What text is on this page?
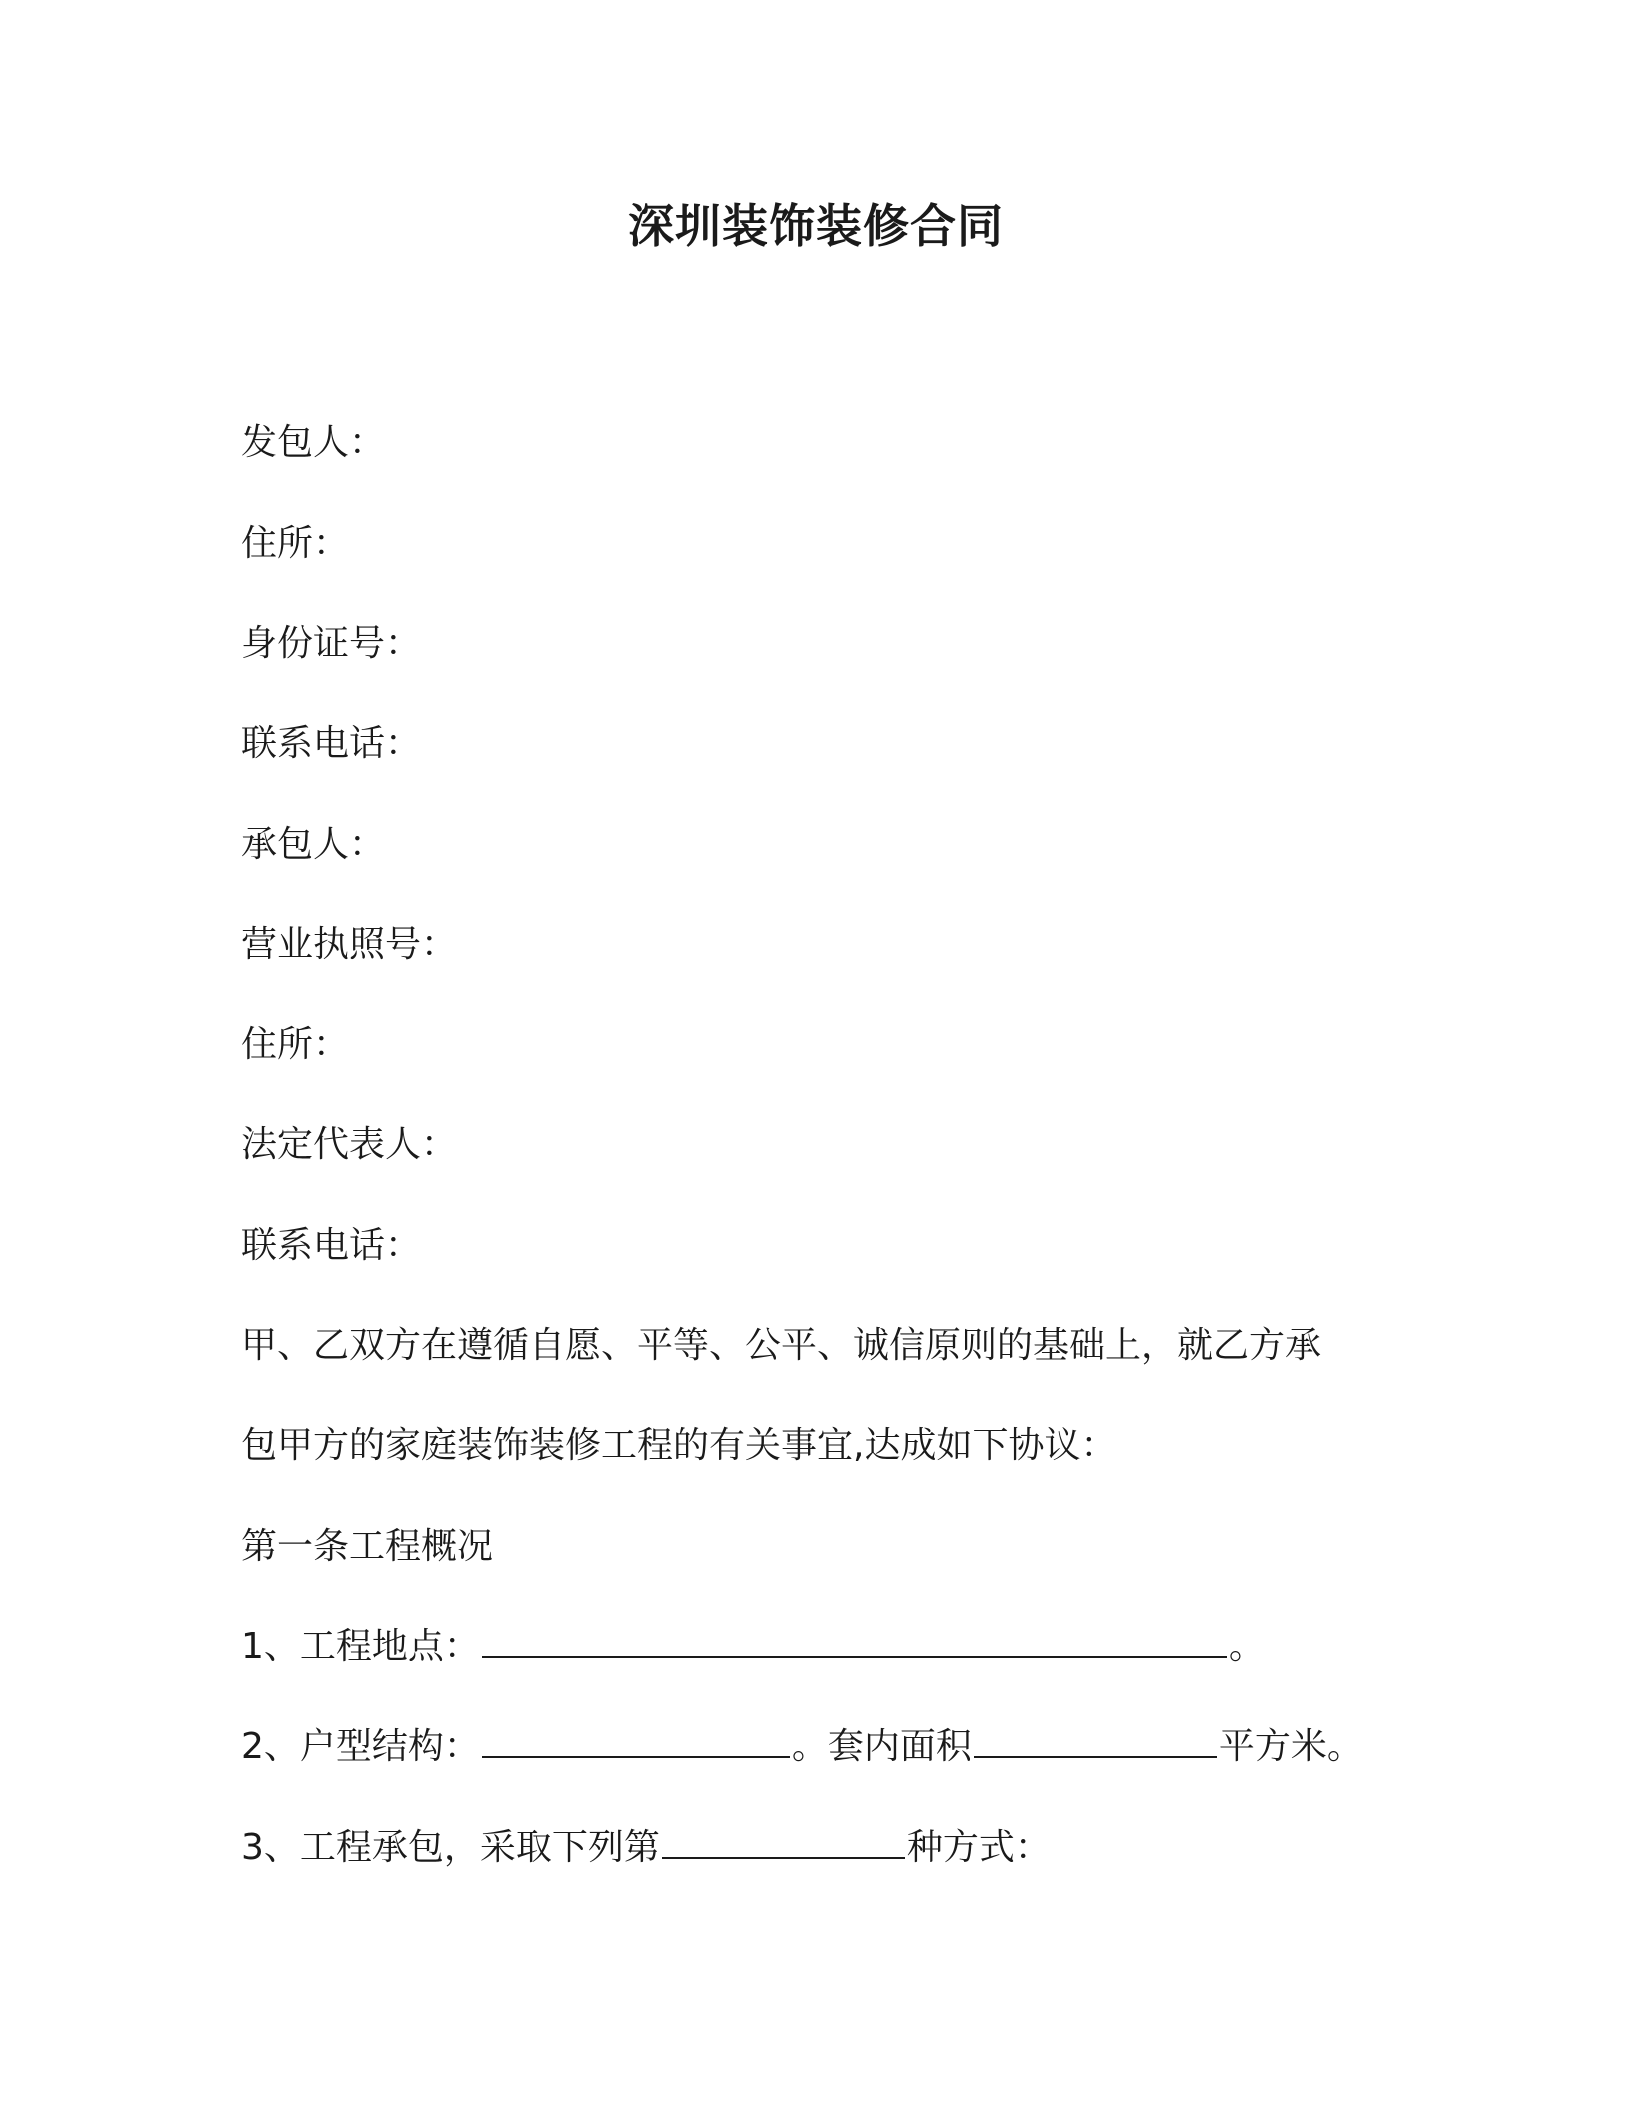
深圳装饰装修合同
发包人：
住所：
身份证号：
联系电话：
承包人：
营业执照号：
住所：
法定代表人：
联系电话：
甲、乙双方在遵循自愿、平等、公平、诚信原则的基础上，就乙方承
包甲方的家庭装饰装修工程的有关事宜,达成如下协议：
第一条工程概况
1、工程地点：	。
2、户型结构：	。套内面积	平方米。
3、工程承包，采取下列第	种方式：
